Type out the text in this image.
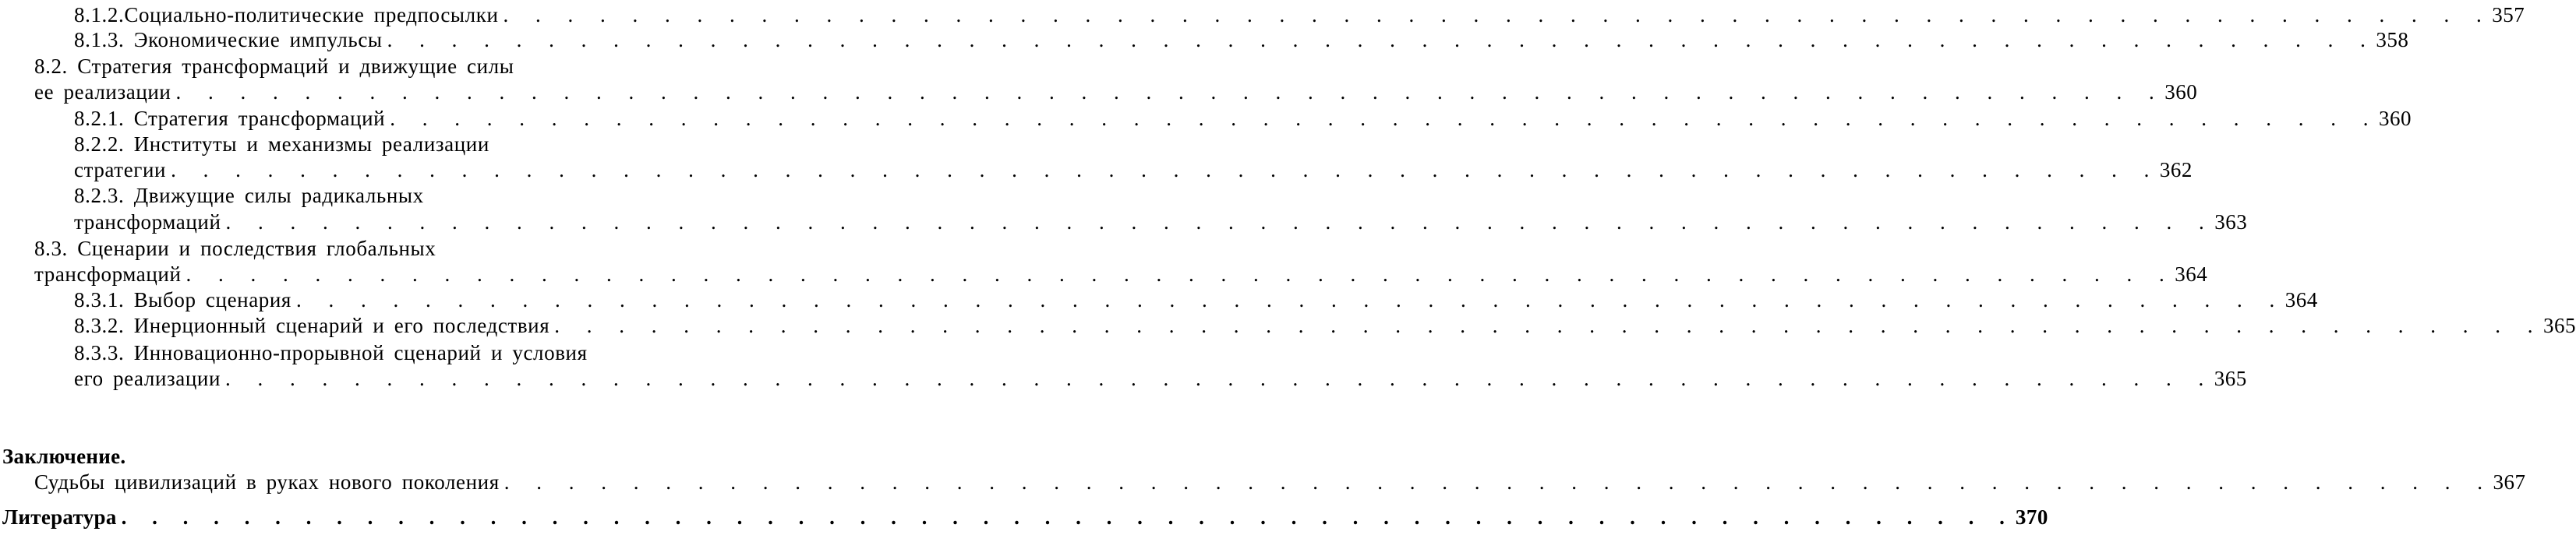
8.1.2.Социально-политические предпосылки . . . . . . . . . . . . . . . . . . . . . . . . . . . . . . . . . . . . . . . . . . . . . . . . . . . . . . . . . . . . . . 357
8.1.3. Экономические импульсы . . . . . . . . . . . . . . . . . . . . . . . . . . . . . . . . . . . . . . . . . . . . . . . . . . . . . . . . . . . . . . 358
8.2. Стратегия трансформаций и движущие силы
ее реализации . . . . . . . . . . . . . . . . . . . . . . . . . . . . . . . . . . . . . . . . . . . . . . . . . . . . . . . . . . . . . . 360
8.2.1. Стратегия трансформаций . . . . . . . . . . . . . . . . . . . . . . . . . . . . . . . . . . . . . . . . . . . . . . . . . . . . . . . . . . . . . . 360
8.2.2. Институты и механизмы реализации
стратегии . . . . . . . . . . . . . . . . . . . . . . . . . . . . . . . . . . . . . . . . . . . . . . . . . . . . . . . . . . . . . . 362
8.2.3. Движущие силы радикальных
трансформаций . . . . . . . . . . . . . . . . . . . . . . . . . . . . . . . . . . . . . . . . . . . . . . . . . . . . . . . . . . . . . . 363
8.3. Сценарии и последствия глобальных
трансформаций . . . . . . . . . . . . . . . . . . . . . . . . . . . . . . . . . . . . . . . . . . . . . . . . . . . . . . . . . . . . . . 364
8.3.1. Выбор сценария . . . . . . . . . . . . . . . . . . . . . . . . . . . . . . . . . . . . . . . . . . . . . . . . . . . . . . . . . . . . . . 364
8.3.2. Инерционный сценарий и его последствия . . . . . . . . . . . . . . . . . . . . . . . . . . . . . . . . . . . . . . . . . . . . . . . . . . . . . . . . . . . . . . 365
8.3.3. Инновационно-прорывной сценарий и условия
его реализации . . . . . . . . . . . . . . . . . . . . . . . . . . . . . . . . . . . . . . . . . . . . . . . . . . . . . . . . . . . . . . 365
Заключение.
Судьбы цивилизаций в руках нового поколения . . . . . . . . . . . . . . . . . . . . . . . . . . . . . . . . . . . . . . . . . . . . . . . . . . . . . . . . . . . . . . 367
Литература . . . . . . . . . . . . . . . . . . . . . . . . . . . . . . . . . . . . . . . . . . . . . . . . . . . . . . . . . . . . . . 370
